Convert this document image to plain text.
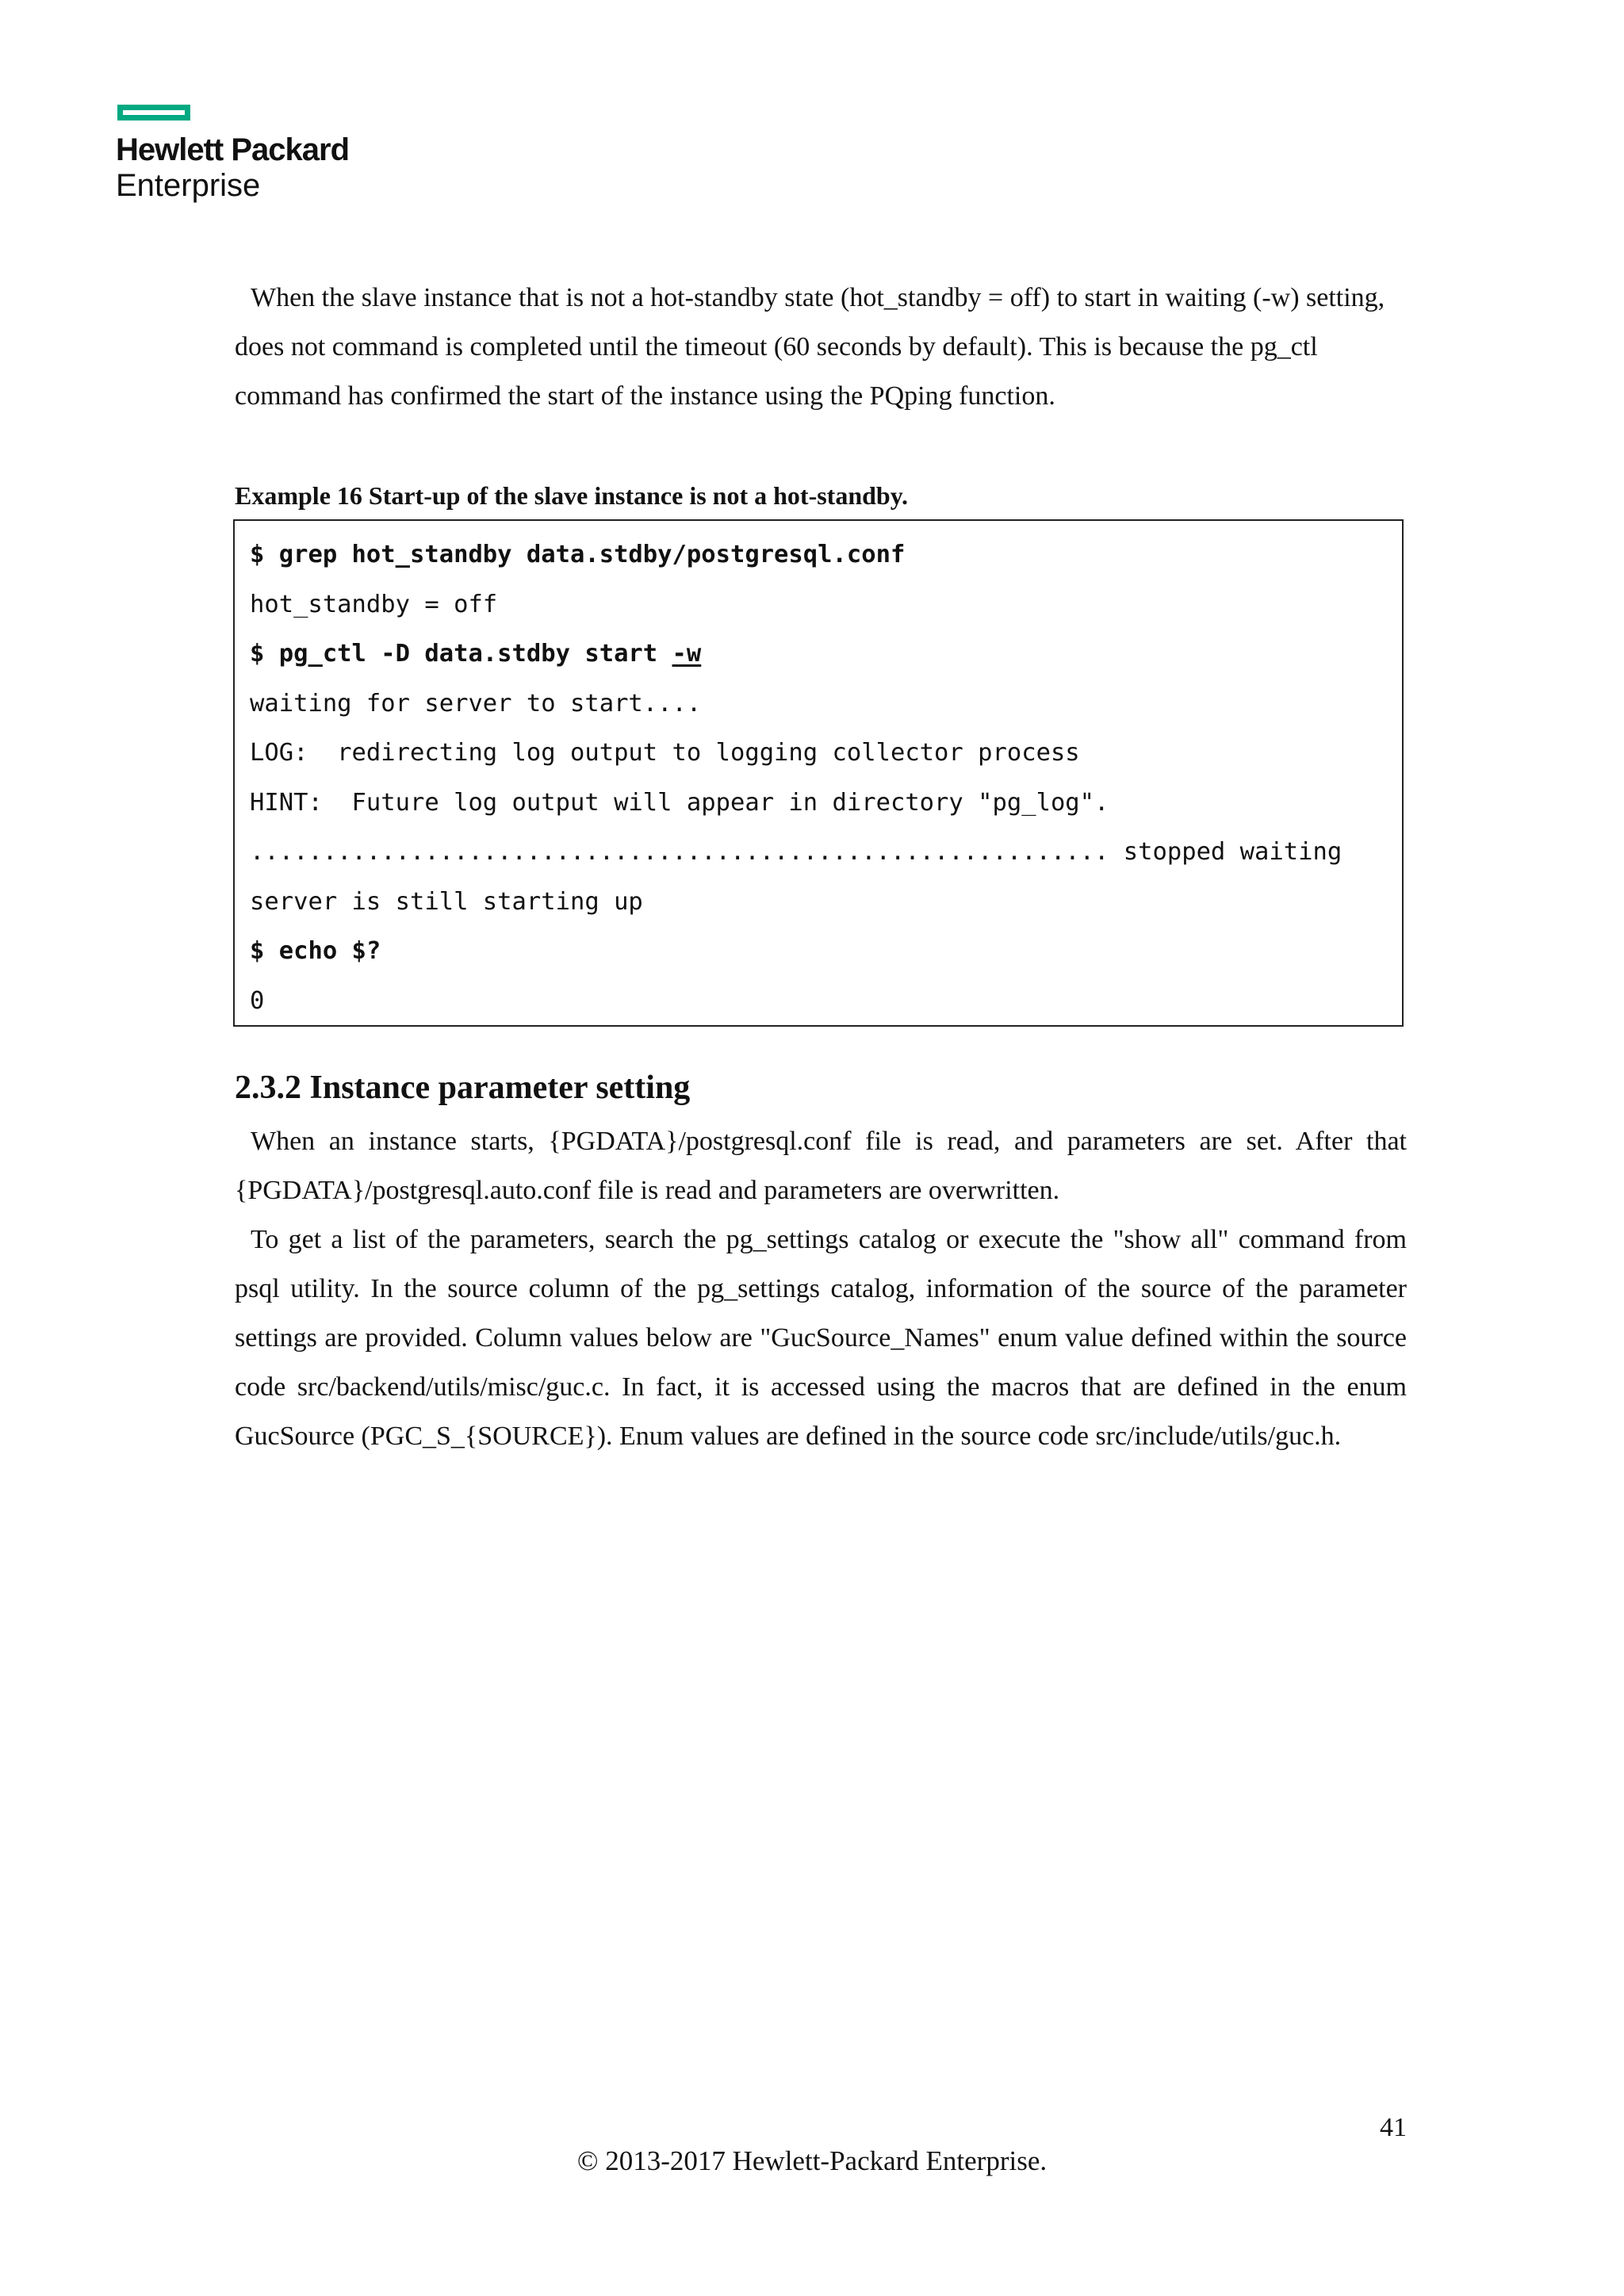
Hewlett Packard
Enterprise

When the slave instance that is not a hot-standby state (hot_standby = off) to start in waiting (-w) setting, does not command is completed until the timeout (60 seconds by default). This is because the pg_ctl command has confirmed the start of the instance using the PQping function.

Example 16 Start-up of the slave instance is not a hot-standby.
$ grep hot_standby data.stdby/postgresql.conf
hot_standby = off
$ pg_ctl -D data.stdby start -w
waiting for server to start....
LOG:  redirecting log output to logging collector process
HINT:  Future log output will appear in directory "pg_log".
........................................................... stopped waiting
server is still starting up
$ echo $?
0
2.3.2 Instance parameter setting

When an instance starts, {PGDATA}/postgresql.conf file is read, and parameters are set. After that {PGDATA}/postgresql.auto.conf file is read and parameters are overwritten.

To get a list of the parameters, search the pg_settings catalog or execute the "show all" command from psql utility. In the source column of the pg_settings catalog, information of the source of the parameter settings are provided. Column values below are "GucSource_Names" enum value defined within the source code src/backend/utils/misc/guc.c. In fact, it is accessed using the macros that are defined in the enum GucSource (PGC_S_{SOURCE}). Enum values are defined in the source code src/include/utils/guc.h.

41
© 2013-2017 Hewlett-Packard Enterprise.
